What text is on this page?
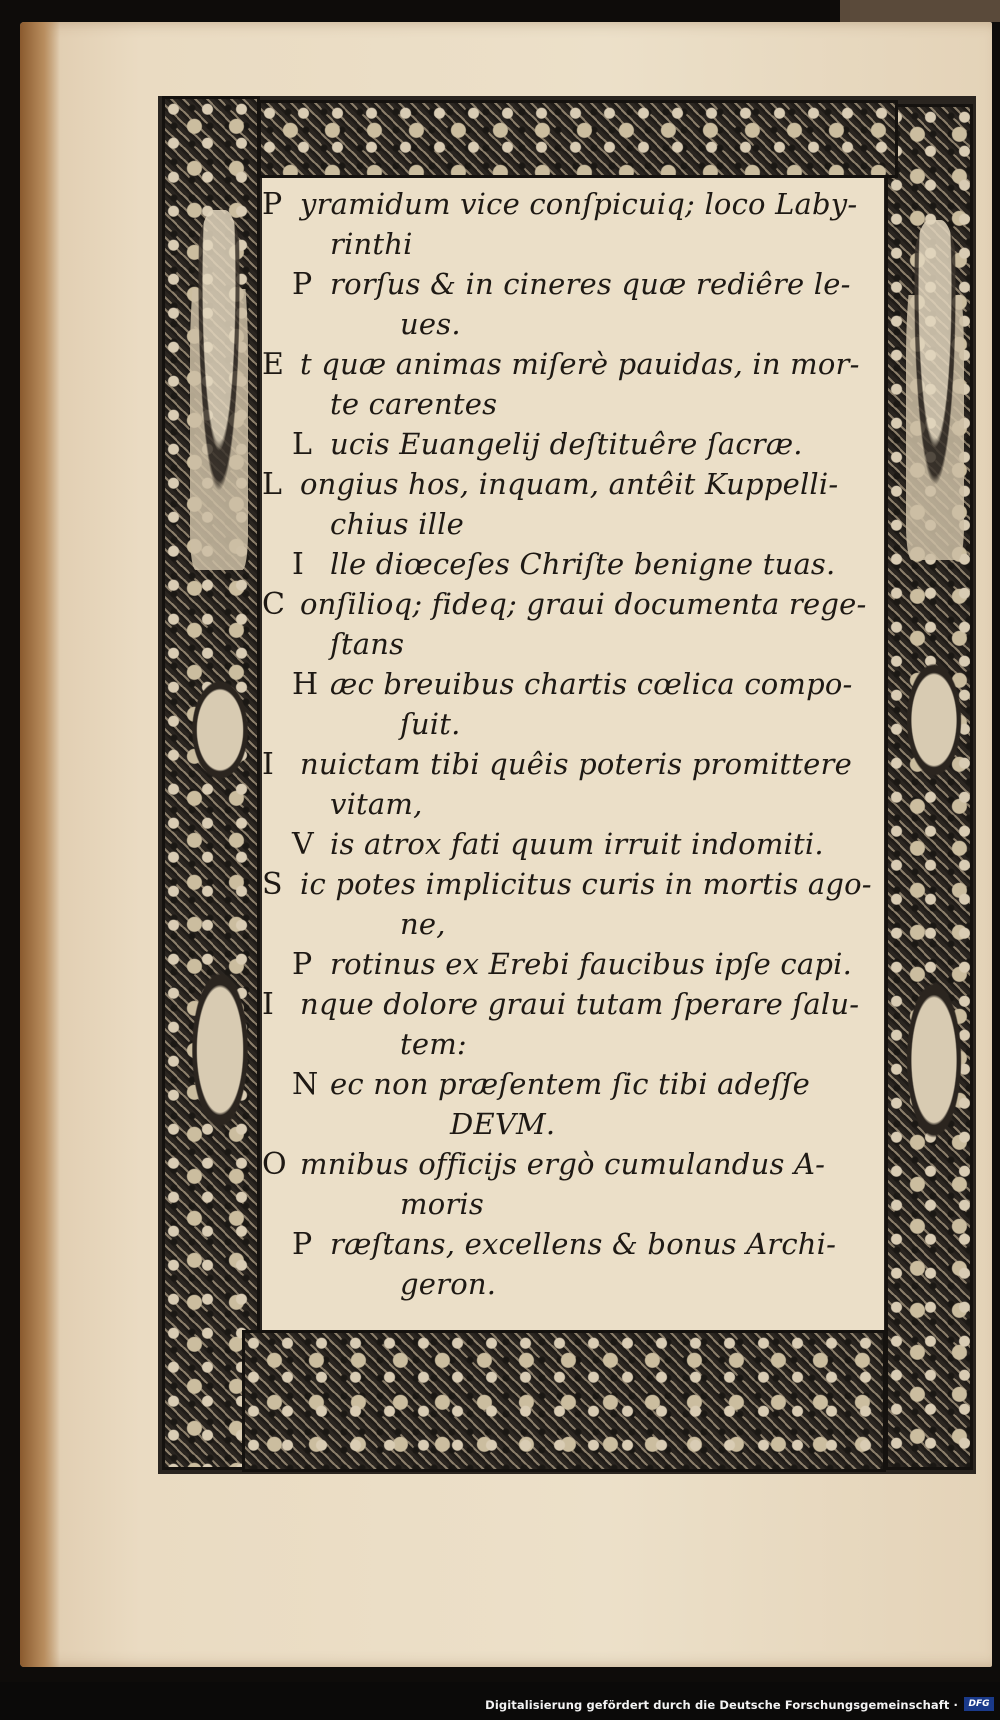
P yramidum vice conſpicuiq; loco Laby-
rinthi
P rorſus & in cineres quæ rediêre le-
ues.
E t quæ animas miſerè pauidas, in mor-
te carentes
L ucis Euangelij deſtituêre ſacræ.
L ongius hos, inquam, antêit Kuppelli-
chius ille
I lle diœceſes Chriſte benigne tuas.
C onſilioq; fideq; graui documenta rege-
ſtans
H æc breuibus chartis cœlica compo-
ſuit.
I nuictam tibi quêis poteris promittere
vitam,
V is atrox fati quum irruit indomiti.
S ic potes implicitus curis in mortis ago-
ne,
P rotinus ex Erebi faucibus ipſe capi.
I nque dolore graui tutam ſperare ſalu-
tem:
N ec non præſentem ſic tibi adeſſe
DEVM.
O mnibus officijs ergò cumulandus A-
moris
P ræſtans, excellens & bonus Archi-
geron.
Digitalisierung gefördert durch die Deutsche Forschungsgemeinschaft ·	DFG
